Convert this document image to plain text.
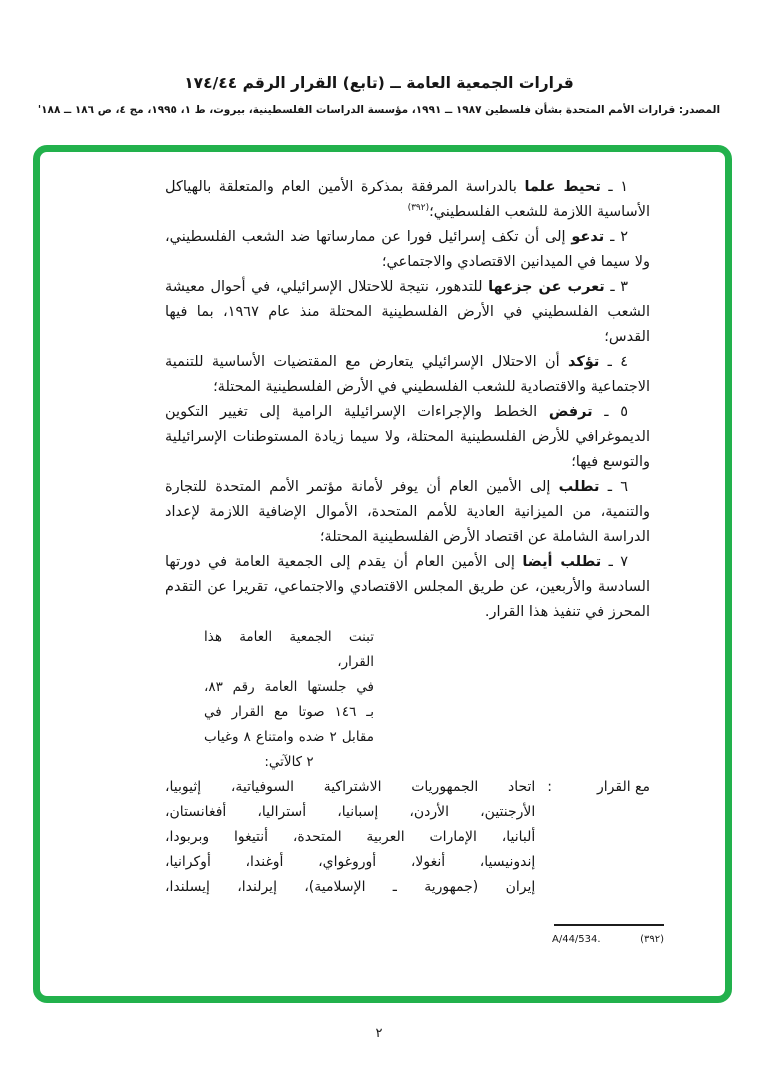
قرارات الجمعية العامة ــ (تابع) القرار الرقم ١٧٤/٤٤
المصدر: قرارات الأمم المتحدة بشأن فلسطين ١٩٨٧ ــ ١٩٩١، مؤسسة الدراسات الفلسطينية، بيروت، ط ١، ١٩٩٥، مج ٤، ص ١٨٦ ــ ١٨٨'

١ ـ تحيط علما بالدراسة المرفقة بمذكرة الأمين العام والمتعلقة بالهياكل الأساسية اللازمة للشعب الفلسطيني؛$^{(٣٩٢)}$

٢ ـ تدعو إلى أن تكف إسرائيل فورا عن ممارساتها ضد الشعب الفلسطيني، ولا سيما في الميدانين الاقتصادي والاجتماعي؛

٣ ـ تعرب عن جزعها للتدهور، نتيجة للاحتلال الإسرائيلي، في أحوال معيشة الشعب الفلسطيني في الأرض الفلسطينية المحتلة منذ عام ١٩٦٧، بما فيها القدس؛

٤ ـ تؤكد أن الاحتلال الإسرائيلي يتعارض مع المقتضيات الأساسية للتنمية الاجتماعية والاقتصادية للشعب الفلسطيني في الأرض الفلسطينية المحتلة؛

٥ ـ ترفض الخطط والإجراءات الإسرائيلية الرامية إلى تغيير التكوين الديموغرافي للأرض الفلسطينية المحتلة، ولا سيما زيادة المستوطنات الإسرائيلية والتوسع فيها؛

٦ ـ تطلب إلى الأمين العام أن يوفر لأمانة مؤتمر الأمم المتحدة للتجارة والتنمية، من الميزانية العادية للأمم المتحدة، الأموال الإضافية اللازمة لإعداد الدراسة الشاملة عن اقتصاد الأرض الفلسطينية المحتلة؛

٧ ـ تطلب أيضا إلى الأمين العام أن يقدم إلى الجمعية العامة في دورتها السادسة والأربعين، عن طريق المجلس الاقتصادي والاجتماعي، تقريرا عن التقدم المحرز في تنفيذ هذا القرار.

تبنت الجمعية العامة هذا القرار،
في جلستها العامة رقم ٨٣،
بـ ١٤٦ صوتا مع القرار في
مقابل ٢ ضده وامتناع ٨ وغياب
٢ كالآتي:
مع القرار
:
اتحاد الجمهوريات الاشتراكية السوفياتية، إثيوبيا،
الأرجنتين، الأردن، إسبانيا، أستراليا، أفغانستان،
ألبانيا، الإمارات العربية المتحدة، أنتيغوا وبربودا،
إندونيسيا، أنغولا، أوروغواي، أوغندا، أوكرانيا،
إيران (جمهورية ـ الإسلامية)، إيرلندا، إيسلندا،
(٣٩٢)
A/44/534.
٢
